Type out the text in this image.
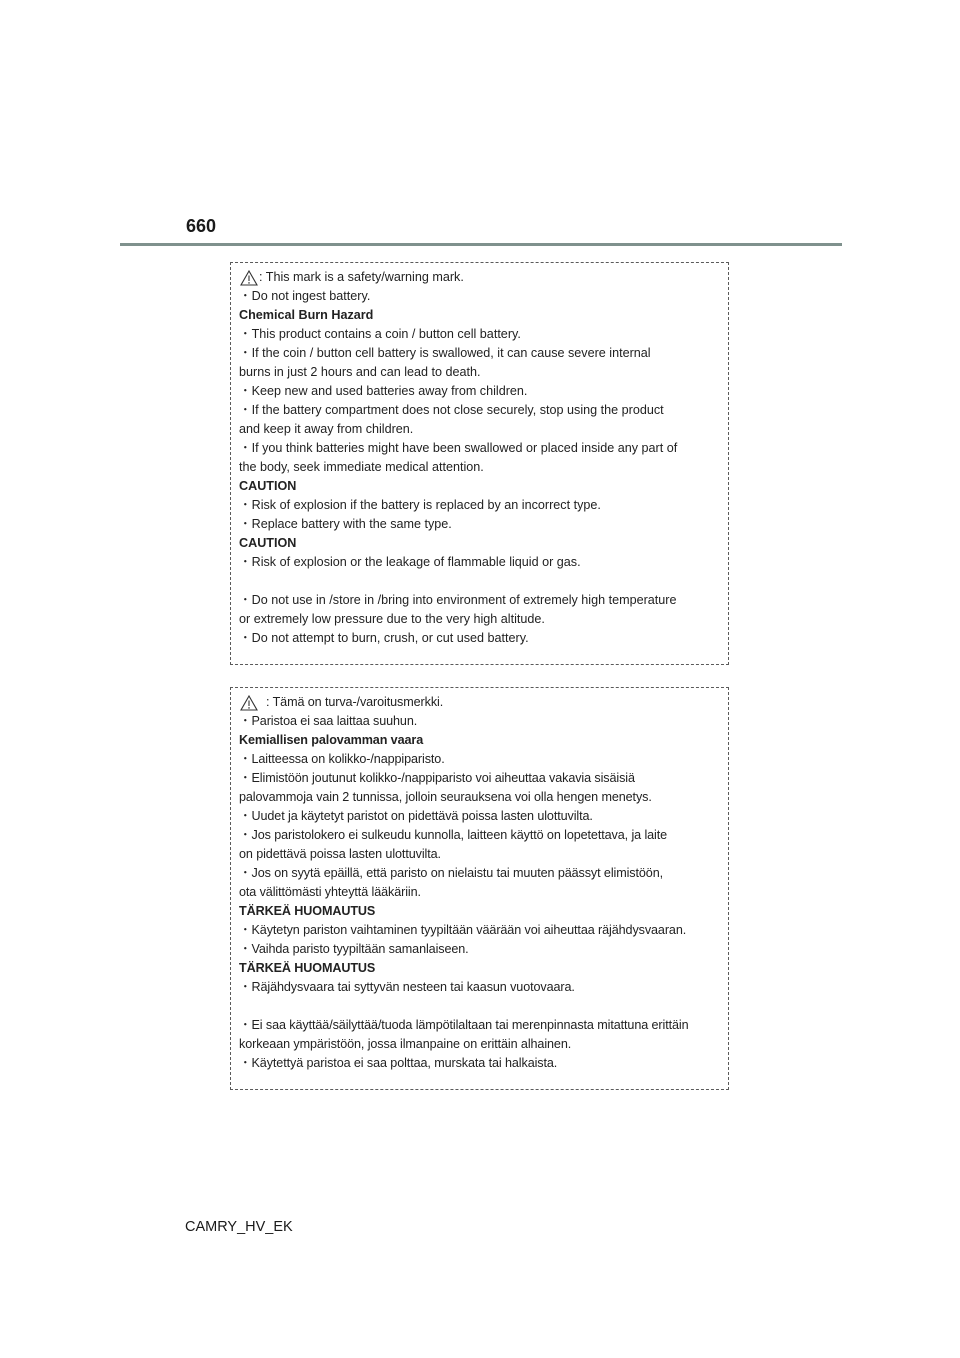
660
: This mark is a safety/warning mark.
・Do not ingest battery.
Chemical Burn Hazard
・This product contains a coin / button cell battery.
・If the coin / button cell battery is swallowed, it can cause severe internal
burns in just 2 hours and can lead to death.
・Keep new and used batteries away from children.
・If the battery compartment does not close securely, stop using the product
and keep it away from children.
・If you think batteries might have been swallowed or placed inside any part of
the body, seek immediate medical attention.
CAUTION
・Risk of explosion if the battery is replaced by an incorrect type.
・Replace battery with the same type.
CAUTION
・Risk of explosion or the leakage of flammable liquid or gas.
・Do not use in /store in /bring into environment of extremely high temperature
or extremely low pressure due to the very high altitude.
・Do not attempt to burn, crush, or cut used battery.
: Tämä on turva-/varoitusmerkki.
・Paristoa ei saa laittaa suuhun.
Kemiallisen palovamman vaara
・Laitteessa on kolikko-/nappiparisto.
・Elimistöön joutunut kolikko-/nappiparisto voi aiheuttaa vakavia sisäisiä
palovammoja vain 2 tunnissa, jolloin seurauksena voi olla hengen menetys.
・Uudet ja käytetyt paristot on pidettävä poissa lasten ulottuvilta.
・Jos paristolokero ei sulkeudu kunnolla, laitteen käyttö on lopetettava, ja laite
on pidettävä poissa lasten ulottuvilta.
・Jos on syytä epäillä, että paristo on nielaistu tai muuten päässyt elimistöön,
ota välittömästi yhteyttä lääkäriin.
TÄRKEÄ HUOMAUTUS
・Käytetyn pariston vaihtaminen tyypiltään väärään voi aiheuttaa räjähdysvaaran.
・Vaihda paristo tyypiltään samanlaiseen.
TÄRKEÄ HUOMAUTUS
・Räjähdysvaara tai syttyvän nesteen tai kaasun vuotovaara.
・Ei saa käyttää/säilyttää/tuoda lämpötilaltaan tai merenpinnasta mitattuna erittäin
korkeaan ympäristöön, jossa ilmanpaine on erittäin alhainen.
・Käytettyä paristoa ei saa polttaa, murskata tai halkaista.
CAMRY_HV_EK
